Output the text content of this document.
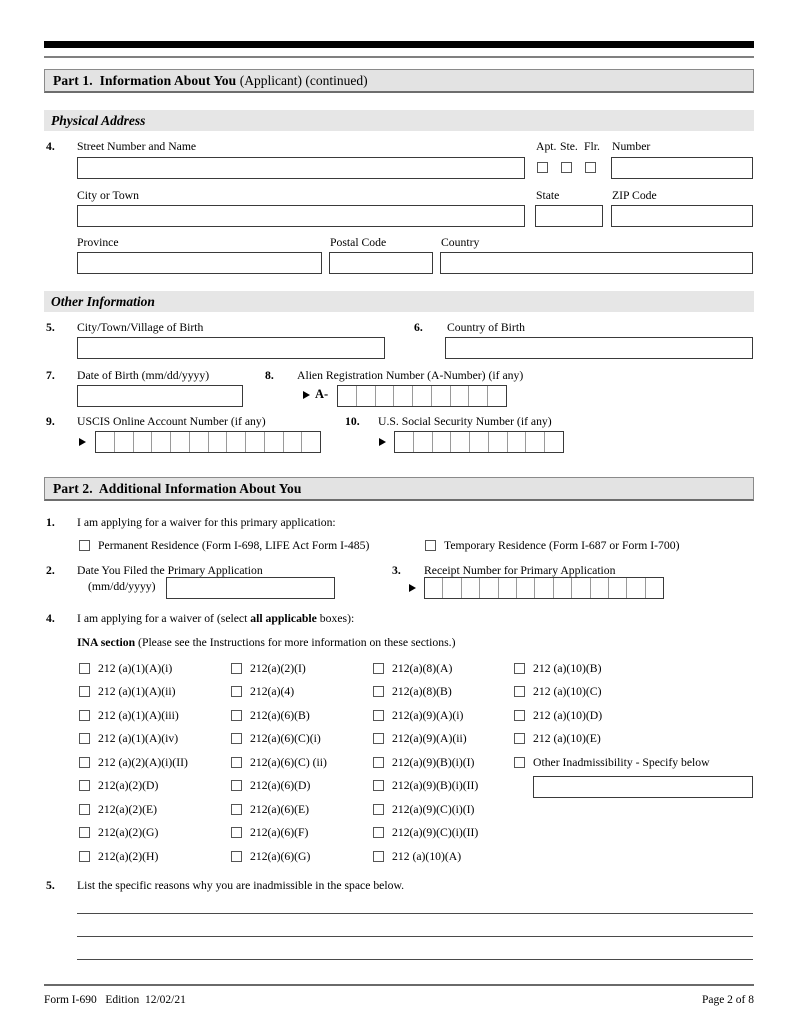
Part 1.  Information About You (Applicant) (continued)
Physical Address
4. Street Number and Name	Apt. Ste. Flr. Number
City or Town	State	ZIP Code
Province	Postal Code	Country
Other Information
5. City/Town/Village of Birth	6. Country of Birth
7. Date of Birth (mm/dd/yyyy)	8. Alien Registration Number (A-Number) (if any)
A-
9. USCIS Online Account Number (if any)	10. U.S. Social Security Number (if any)
Part 2.  Additional Information About You
1. I am applying for a waiver for this primary application:
Permanent Residence (Form I-698, LIFE Act Form I-485)	Temporary Residence (Form I-687 or Form I-700)
2. Date You Filed the Primary Application
(mm/dd/yyyy)
3. Receipt Number for Primary Application
4. I am applying for a waiver of (select all applicable boxes):
INA section (Please see the Instructions for more information on these sections.)
212 (a)(1)(A)(i)
212 (a)(1)(A)(ii)
212 (a)(1)(A)(iii)
212 (a)(1)(A)(iv)
212 (a)(2)(A)(i)(II)
212(a)(2)(D)
212(a)(2)(E)
212(a)(2)(G)
212(a)(2)(H)
212(a)(2)(I)
212(a)(4)
212(a)(6)(B)
212(a)(6)(C)(i)
212(a)(6)(C) (ii)
212(a)(6)(D)
212(a)(6)(E)
212(a)(6)(F)
212(a)(6)(G)
212(a)(8)(A)
212(a)(8)(B)
212(a)(9)(A)(i)
212(a)(9)(A)(ii)
212(a)(9)(B)(i)(I)
212(a)(9)(B)(i)(II)
212(a)(9)(C)(i)(I)
212(a)(9)(C)(i)(II)
212 (a)(10)(A)
212 (a)(10)(B)
212 (a)(10)(C)
212 (a)(10)(D)
212 (a)(10)(E)
Other Inadmissibility - Specify below
5. List the specific reasons why you are inadmissible in the space below.
Form I-690   Edition  12/02/21	Page 2 of 8
